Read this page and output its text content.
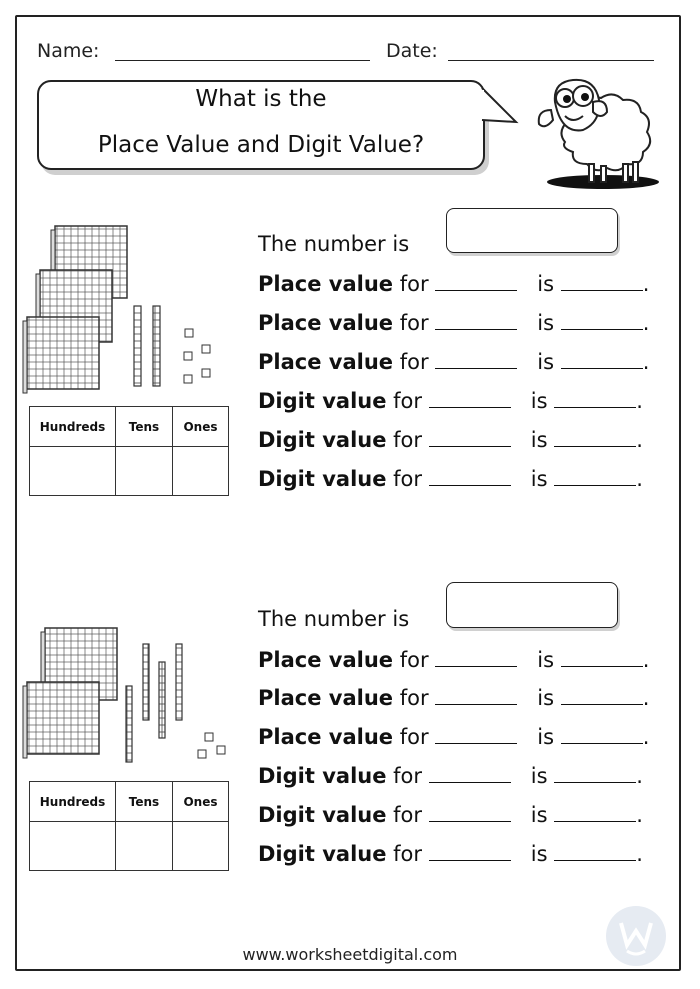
Name:	Date:
What is the
Place Value and Digit Value?
Hundreds	Tens	Ones

The number is
Place value for	is	.
Place value for	is	.
Place value for	is	.
Digit value for	is	.
Digit value for	is	.
Digit value for	is	.
Hundreds	Tens	Ones

The number is
Place value for	is	.
Place value for	is	.
Place value for	is	.
Digit value for	is	.
Digit value for	is	.
Digit value for	is	.
www.worksheetdigital.com
